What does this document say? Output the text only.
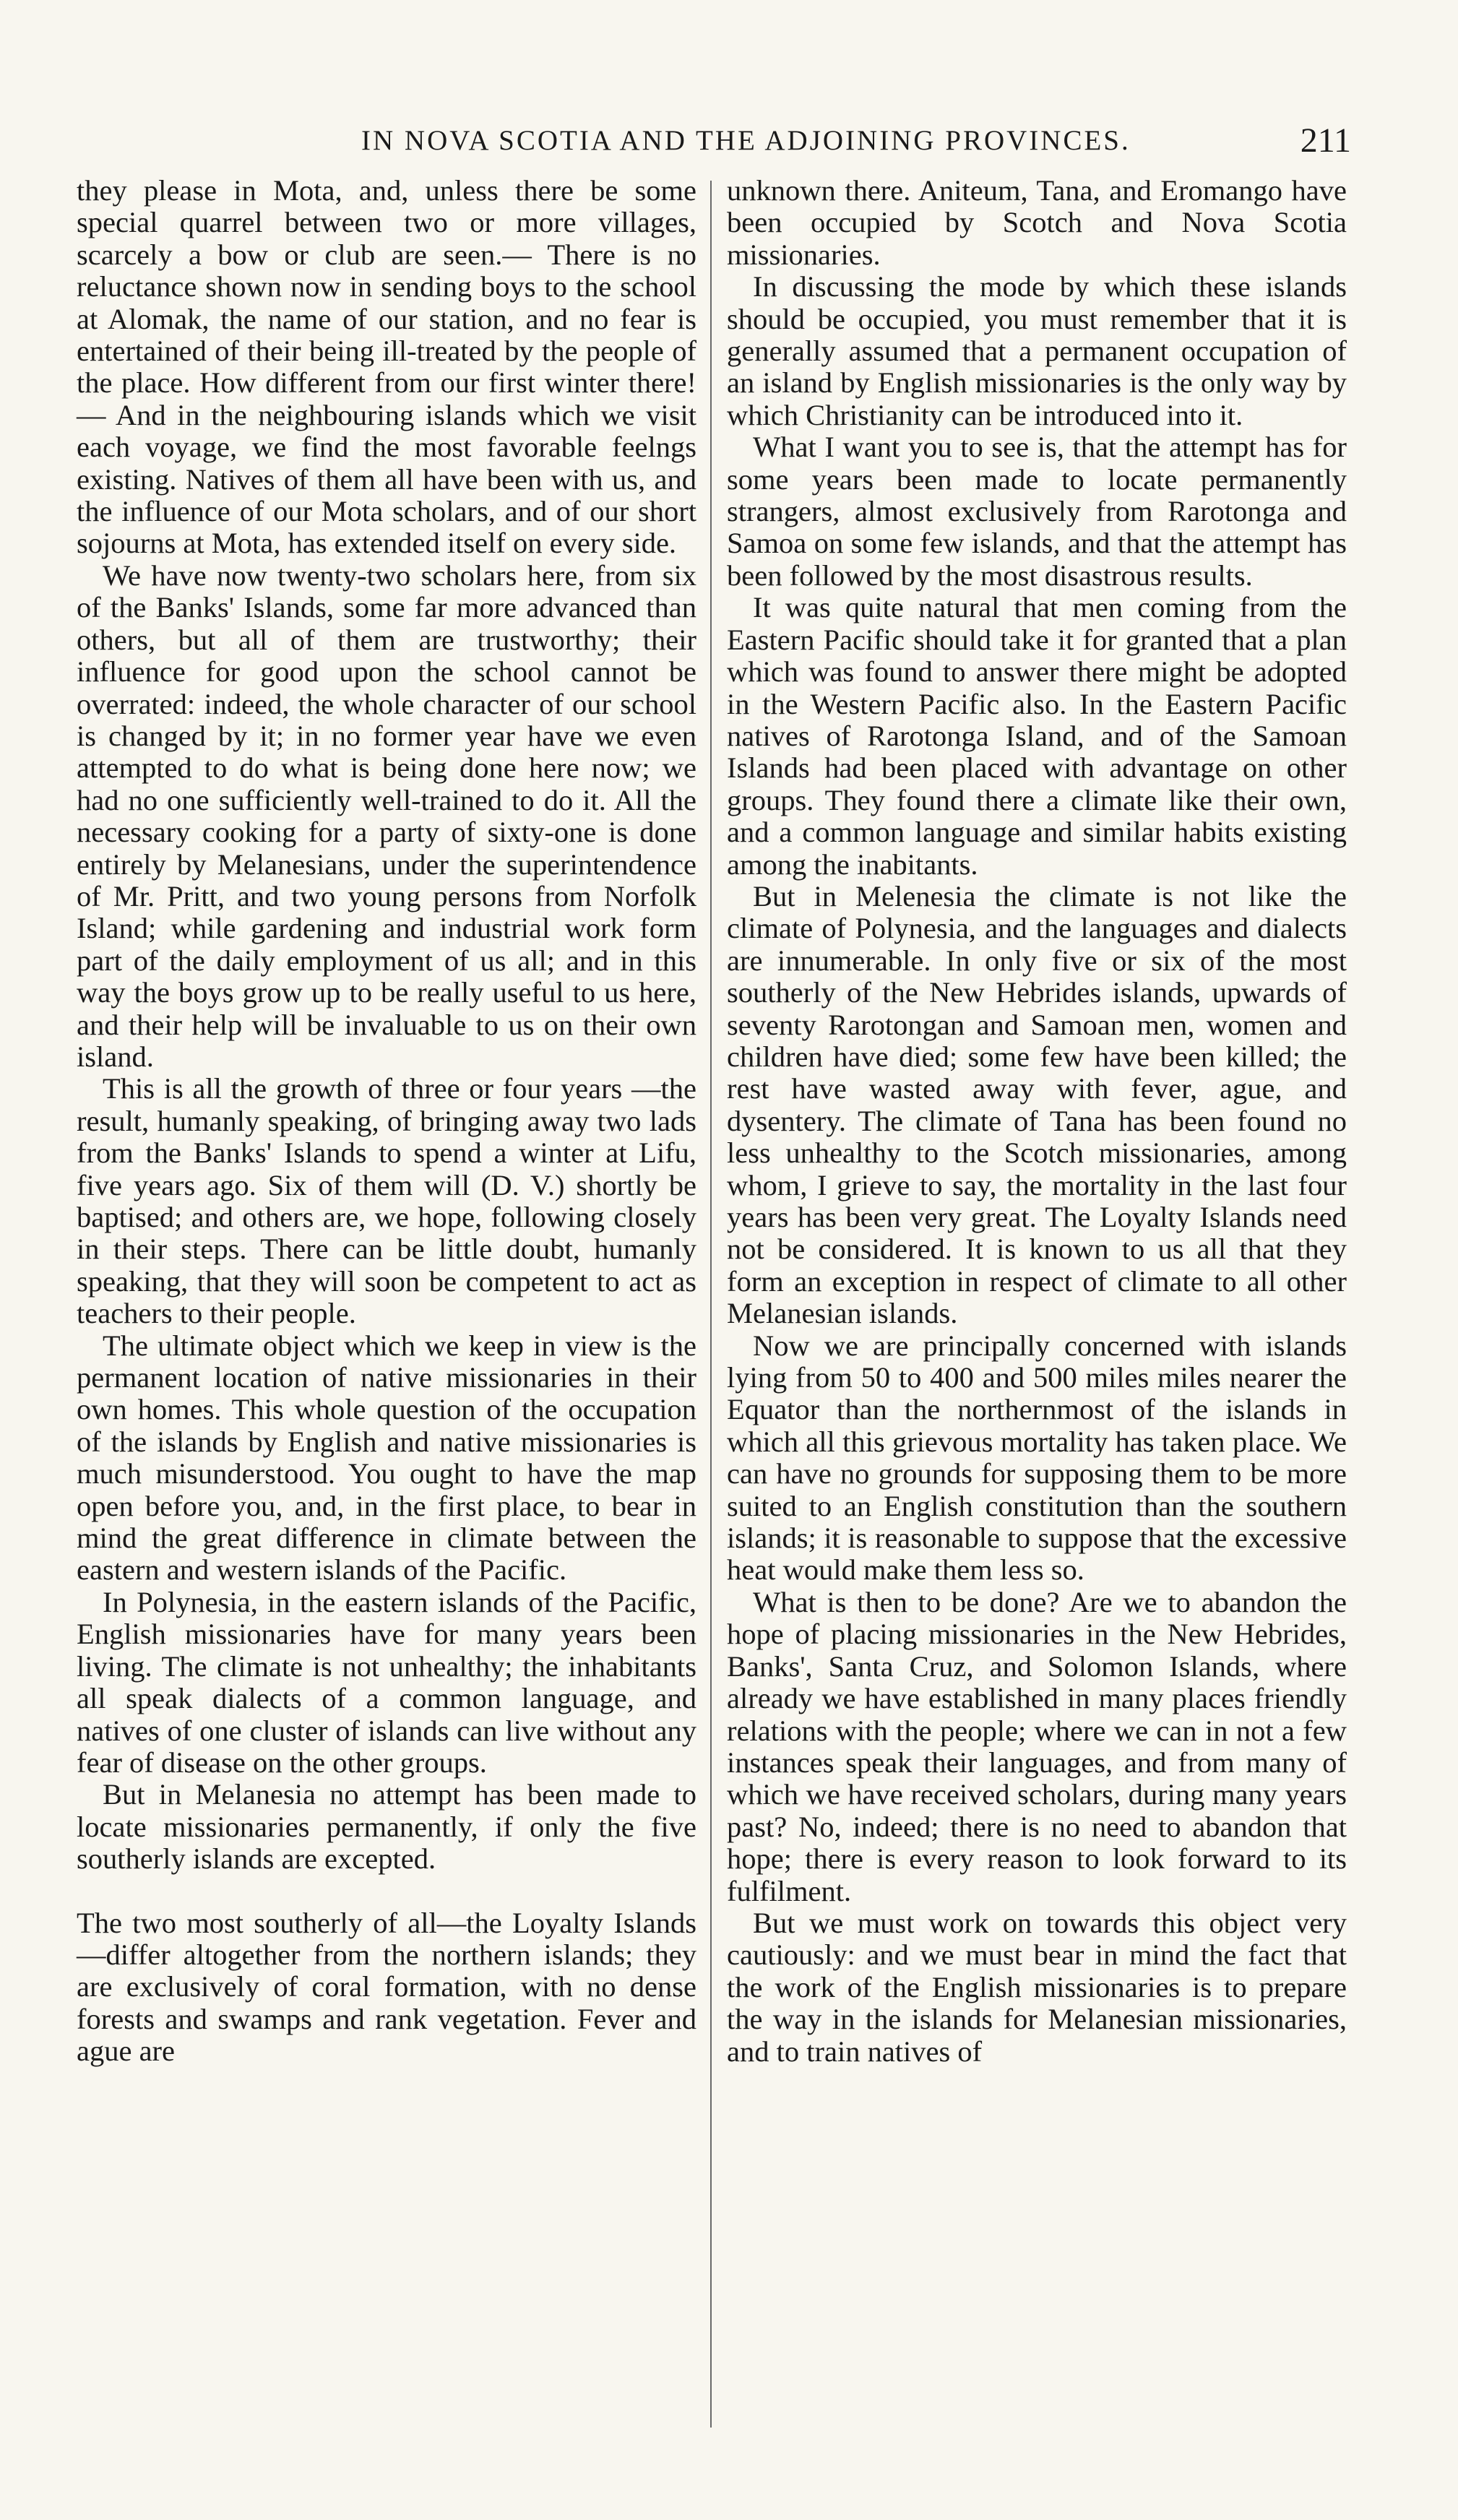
IN NOVA SCOTIA AND THE ADJOINING PROVINCES.	211

they please in Mota, and, unless there be some special quarrel between two or more villages, scarcely a bow or club are seen.— There is no reluctance shown now in sending boys to the school at Alomak, the name of our station, and no fear is entertained of their being ill-treated by the people of the place. How different from our first winter there!— And in the neighbouring islands which we visit each voyage, we find the most favorable feelngs existing. Natives of them all have been with us, and the influence of our Mota scholars, and of our short sojourns at Mota, has extended itself on every side.

We have now twenty-two scholars here, from six of the Banks' Islands, some far more advanced than others, but all of them are trustworthy; their influence for good upon the school cannot be overrated: indeed, the whole character of our school is changed by it; in no former year have we even attempted to do what is being done here now; we had no one sufficiently well-trained to do it. All the necessary cooking for a party of sixty-one is done entirely by Melanesians, under the superintendence of Mr. Pritt, and two young persons from Norfolk Island; while gardening and industrial work form part of the daily employment of us all; and in this way the boys grow up to be really useful to us here, and their help will be invaluable to us on their own island.

This is all the growth of three or four years —the result, humanly speaking, of bringing away two lads from the Banks' Islands to spend a winter at Lifu, five years ago. Six of them will (D. V.) shortly be baptised; and others are, we hope, following closely in their steps. There can be little doubt, humanly speaking, that they will soon be competent to act as teachers to their people.

The ultimate object which we keep in view is the permanent location of native missionaries in their own homes. This whole question of the occupation of the islands by English and native missionaries is much misunderstood. You ought to have the map open before you, and, in the first place, to bear in mind the great difference in climate between the eastern and western islands of the Pacific.

In Polynesia, in the eastern islands of the Pacific, English missionaries have for many years been living. The climate is not unhealthy; the inhabitants all speak dialects of a common language, and natives of one cluster of islands can live without any fear of disease on the other groups.

But in Melanesia no attempt has been made to locate missionaries permanently, if only the five southerly islands are excepted.

The two most southerly of all—the Loyalty Islands—differ altogether from the northern islands; they are exclusively of coral formation, with no dense forests and swamps and rank vegetation. Fever and ague are

unknown there. Aniteum, Tana, and Eromango have been occupied by Scotch and Nova Scotia missionaries.

In discussing the mode by which these islands should be occupied, you must remember that it is generally assumed that a permanent occupation of an island by English missionaries is the only way by which Christianity can be introduced into it.

What I want you to see is, that the attempt has for some years been made to locate permanently strangers, almost exclusively from Rarotonga and Samoa on some few islands, and that the attempt has been followed by the most disastrous results.

It was quite natural that men coming from the Eastern Pacific should take it for granted that a plan which was found to answer there might be adopted in the Western Pacific also. In the Eastern Pacific natives of Rarotonga Island, and of the Samoan Islands had been placed with advantage on other groups. They found there a climate like their own, and a common language and similar habits existing among the inabitants.

But in Melenesia the climate is not like the climate of Polynesia, and the languages and dialects are innumerable. In only five or six of the most southerly of the New Hebrides islands, upwards of seventy Rarotongan and Samoan men, women and children have died; some few have been killed; the rest have wasted away with fever, ague, and dysentery. The climate of Tana has been found no less unhealthy to the Scotch missionaries, among whom, I grieve to say, the mortality in the last four years has been very great. The Loyalty Islands need not be considered. It is known to us all that they form an exception in respect of climate to all other Melanesian islands.

Now we are principally concerned with islands lying from 50 to 400 and 500 miles miles nearer the Equator than the northernmost of the islands in which all this grievous mortality has taken place. We can have no grounds for supposing them to be more suited to an English constitution than the southern islands; it is reasonable to suppose that the excessive heat would make them less so.

What is then to be done? Are we to abandon the hope of placing missionaries in the New Hebrides, Banks', Santa Cruz, and Solomon Islands, where already we have established in many places friendly relations with the people; where we can in not a few instances speak their languages, and from many of which we have received scholars, during many years past? No, indeed; there is no need to abandon that hope; there is every reason to look forward to its fulfilment.

But we must work on towards this object very cautiously: and we must bear in mind the fact that the work of the English missionaries is to prepare the way in the islands for Melanesian missionaries, and to train natives of
